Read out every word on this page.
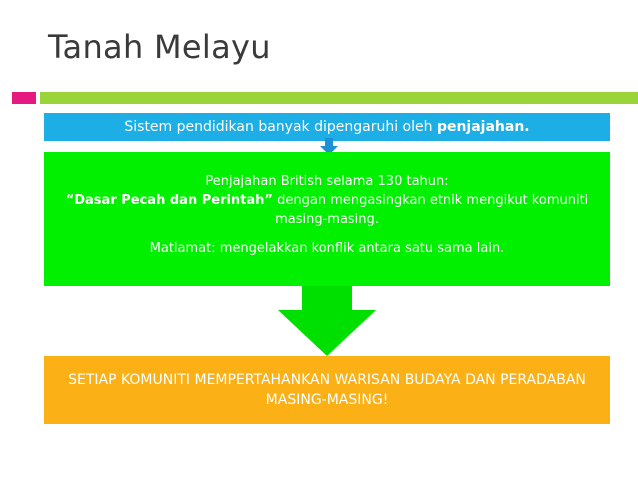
Tanah Melayu
Sistem pendidikan banyak dipengaruhi oleh penjajahan.

Penjajahan British selama 130 tahun:

“Dasar Pecah dan Perintah” dengan mengasingkan etnik mengikut komuniti masing-masing.

Matlamat: mengelakkan konflik antara satu sama lain.

SETIAP KOMUNITI MEMPERTAHANKAN WARISAN BUDAYA DAN PERADABAN MASING-MASING!
